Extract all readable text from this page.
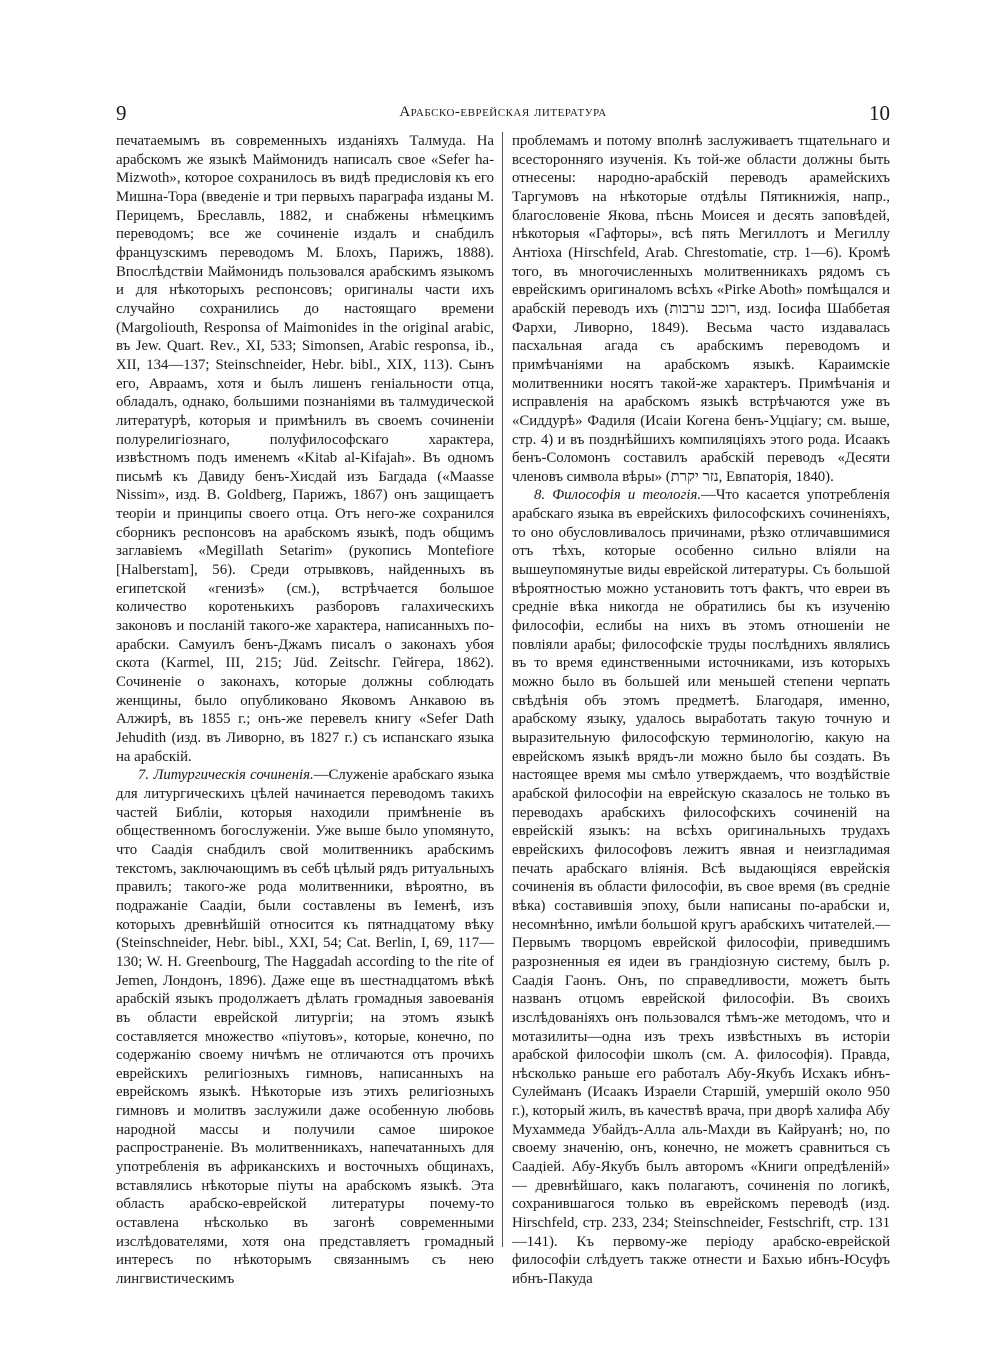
9	Арабско-еврейская литература	10

печатаемымъ въ современныхъ изданіяхъ Талмуда. На арабскомъ же языкѣ Маймонидъ написалъ свое «Sefer ha-Mizwoth», которое сохранилось въ видѣ предисловія къ его Мишна-Тора (введеніе и три первыхъ параграфа изданы М. Перицемъ, Бреславль, 1882, и снабжены нѣмецкимъ переводомъ; все же сочиненіе издалъ и снабдилъ французскимъ переводомъ М. Блохъ, Парижъ, 1888). Впослѣдствіи Маймонидъ пользовался арабскимъ языкомъ и для нѣкоторыхъ респонсовъ; оригиналы части ихъ случайно сохранились до настоящаго времени (Margoliouth, Responsa of Maimonides in the original arabic, въ Jew. Quart. Rev., XI, 533; Simonsen, Arabic responsa, ib., XII, 134—137; Steinschneider, Hebr. bibl., XIX, 113). Сынъ его, Авраамъ, хотя и былъ лишенъ геніальности отца, обладалъ, однако, большими познаніями въ талмудической литературѣ, которыя и примѣнилъ въ своемъ сочиненіи полурелигіознаго, полуфилософскаго характера, извѣстномъ подъ именемъ «Kitab al-Kifajah». Въ одномъ письмѣ къ Давиду бенъ-Хисдай изъ Багдада («Maasse Nissim», изд. B. Goldberg, Парижъ, 1867) онъ защищаетъ теоріи и принципы своего отца. Отъ него-же сохранился сборникъ респонсовъ на арабскомъ языкѣ, подъ общимъ заглавіемъ «Megillath Setarim» (рукопись Montefiore [Halberstam], 56). Среди отрывковъ, найденныхъ въ египетской «генизѣ» (см.), встрѣчается большое количество коротенькихъ разборовъ галахическихъ законовъ и посланій такого-же характера, написанныхъ по-арабски. Самуилъ бенъ-Джамъ писалъ о законахъ убоя скота (Karmel, III, 215; Jüd. Zeitschr. Гейгера, 1862). Сочиненіе о законахъ, которые должны соблюдать женщины, было опубликовано Яковомъ Анкавою въ Алжирѣ, въ 1855 г.; онъ-же перевелъ книгу «Sefer Dath Jehudith (изд. въ Ливорно, въ 1827 г.) съ испанскаго языка на арабскій.

7. Литургическія сочиненія.—Служеніе арабскаго языка для литургическихъ цѣлей начинается переводомъ такихъ частей Библіи, которыя находили примѣненіе въ общественномъ богослуженіи. Уже выше было упомянуто, что Саадія снабдилъ свой молитвенникъ арабскимъ текстомъ, заключающимъ въ себѣ цѣлый рядъ ритуальныхъ правилъ; такого-же рода молитвенники, вѣроятно, въ подражаніе Саадіи, были составлены въ Іеменѣ, изъ которыхъ древнѣйшій относится къ пятнадцатому вѣку (Steinschneider, Hebr. bibl., XXI, 54; Cat. Berlin, I, 69, 117—130; W. H. Greenbourg, The Haggadah according to the rite of Jemen, Лондонъ, 1896). Даже еще въ шестнадцатомъ вѣкѣ арабскій языкъ продолжаетъ дѣлать громадныя завоеванія въ области еврейской литургіи; на этомъ языкѣ составляется множество «піутовъ», которые, конечно, по содержанію своему ничѣмъ не отличаются отъ прочихъ еврейскихъ религіозныхъ гимновъ, написанныхъ на еврейскомъ языкѣ. Нѣкоторые изъ этихъ религіозныхъ гимновъ и молитвъ заслужили даже особенную любовь народной массы и получили самое широкое распространеніе. Въ молитвенникахъ, напечатанныхъ для употребленія въ африканскихъ и восточныхъ общинахъ, вставлялись нѣкоторые піуты на арабскомъ языкѣ. Эта область арабско-еврейской литературы почему-то оставлена нѣсколько въ загонѣ современными изслѣдователями, хотя она представляетъ громадный интересъ по нѣкоторымъ связаннымъ съ нею лингвистическимъ

проблемамъ и потому вполнѣ заслуживаетъ тщательнаго и всесторонняго изученія. Къ той-же области должны быть отнесены: народно-арабскій переводъ арамейскихъ Таргумовъ на нѣкоторые отдѣлы Пятикнижія, напр., благословеніе Якова, пѣснь Моисея и десять заповѣдей, нѣкоторыя «Гафторы», всѣ пять Мегиллотъ и Мегиллу Антіоха (Hirschfeld, Arab. Chrestomatie, стр. 1—6). Кромѣ того, въ многочисленныхъ молитвенникахъ рядомъ съ еврейскимъ оригиналомъ всѣхъ «Pirke Aboth» помѣщался и арабскій переводъ ихъ (רוכב ערבות, изд. Іосифа Шаббетая Фархи, Ливорно, 1849). Весьма часто издавалась пасхальная агада съ арабскимъ переводомъ и примѣчаніями на арабскомъ языкѣ. Караимскіе молитвенники носятъ такой-же характеръ. Примѣчанія и исправленія на арабскомъ языкѣ встрѣчаются уже въ «Сиддурѣ» Фадиля (Исаіи Когена бенъ-Уцціагу; см. выше, стр. 4) и въ позднѣйшихъ компиляціяхъ этого рода. Исаакъ бенъ-Соломонъ составилъ арабскій переводъ «Десяти членовъ символа вѣры» (נזר יקרת, Евпаторія, 1840).

8. Философія и теологія.—Что касается употребленія арабскаго языка въ еврейскихъ философскихъ сочиненіяхъ, то оно обусловливалось причинами, рѣзко отличавшимися отъ тѣхъ, которые особенно сильно вліяли на вышеупомянутые виды еврейской литературы. Съ большой вѣроятностью можно установить тотъ фактъ, что евреи въ средніе вѣка никогда не обратились бы къ изученію философіи, еслибы на нихъ въ этомъ отношеніи не повліяли арабы; философскіе труды послѣднихъ являлись въ то время единственными источниками, изъ которыхъ можно было въ большей или меньшей степени черпать свѣдѣнія объ этомъ предметѣ. Благодаря, именно, арабскому языку, удалось выработать такую точную и выразительную философскую терминологію, какую на еврейскомъ языкѣ врядъ-ли можно было бы создать. Въ настоящее время мы смѣло утверждаемъ, что воздѣйствіе арабской философіи на еврейскую сказалось не только въ переводахъ арабскихъ философскихъ сочиненій на еврейскій языкъ: на всѣхъ оригинальныхъ трудахъ еврейскихъ философовъ лежитъ явная и неизгладимая печать арабскаго вліянія. Всѣ выдающіяся еврейскія сочиненія въ области философіи, въ свое время (въ средніе вѣка) составившія эпоху, были написаны по-арабски и, несомнѣнно, имѣли большой кругъ арабскихъ читателей.—Первымъ творцомъ еврейской философіи, приведшимъ разрозненныя ея идеи въ грандіозную систему, былъ р. Саадія Гаонъ. Онъ, по справедливости, можетъ быть названъ отцомъ еврейской философіи. Въ своихъ изслѣдованіяхъ онъ пользовался тѣмъ-же методомъ, что и мотазилиты—одна изъ трехъ извѣстныхъ въ исторіи арабской философіи школъ (см. А. философія). Правда, нѣсколько раньше его работалъ Абу-Якубъ Исхакъ ибнъ-Сулейманъ (Исаакъ Израели Старшій, умершій около 950 г.), который жилъ, въ качествѣ врача, при дворѣ халифа Абу Мухаммеда Убайдъ-Алла аль-Махди въ Кайруанѣ; но, по своему значенію, онъ, конечно, не можетъ сравниться съ Саадіей. Абу-Якубъ былъ авторомъ «Книги опредѣленій» — древнѣйшаго, какъ полагаютъ, сочиненія по логикѣ, сохранившагося только въ еврейскомъ переводѣ (изд. Hirschfeld, стр. 233, 234; Steinschneider, Festschrift, стр. 131—141). Къ первому-же періоду арабско-еврейской философіи слѣдуетъ также отнести и Бахью ибнъ-Юсуфъ ибнъ-Пакуда
